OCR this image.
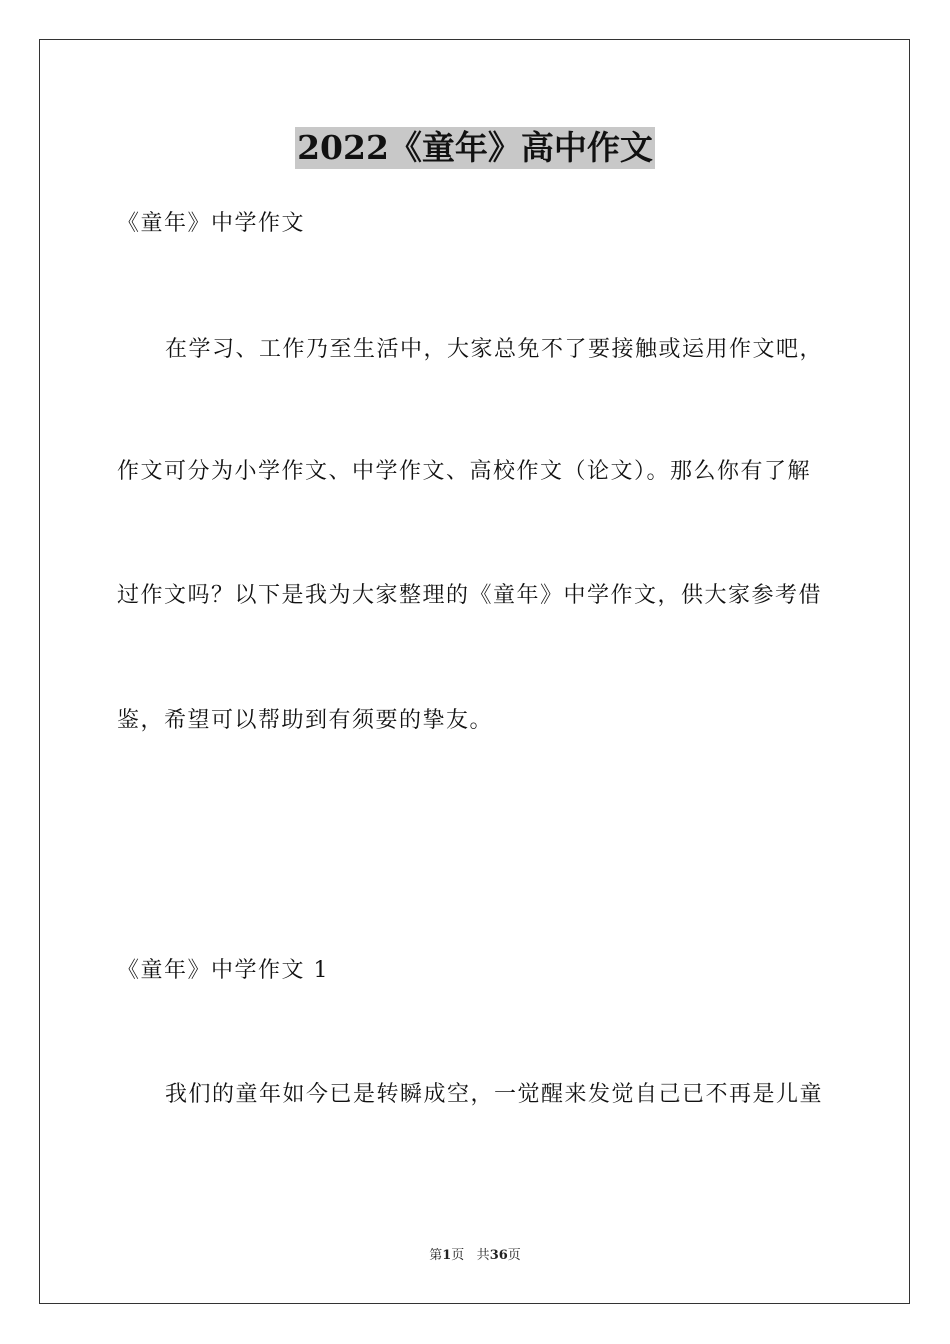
2022《童年》高中作文
《童年》中学作文
在学习、工作乃至生活中，大家总免不了要接触或运用作文吧，
作文可分为小学作文、中学作文、高校作文（论文）。那么你有了解
过作文吗？以下是我为大家整理的《童年》中学作文，供大家参考借
鉴，希望可以帮助到有须要的挚友。
《童年》中学作文 1
我们的童年如今已是转瞬成空，一觉醒来发觉自己已不再是儿童
第1页 共36页
